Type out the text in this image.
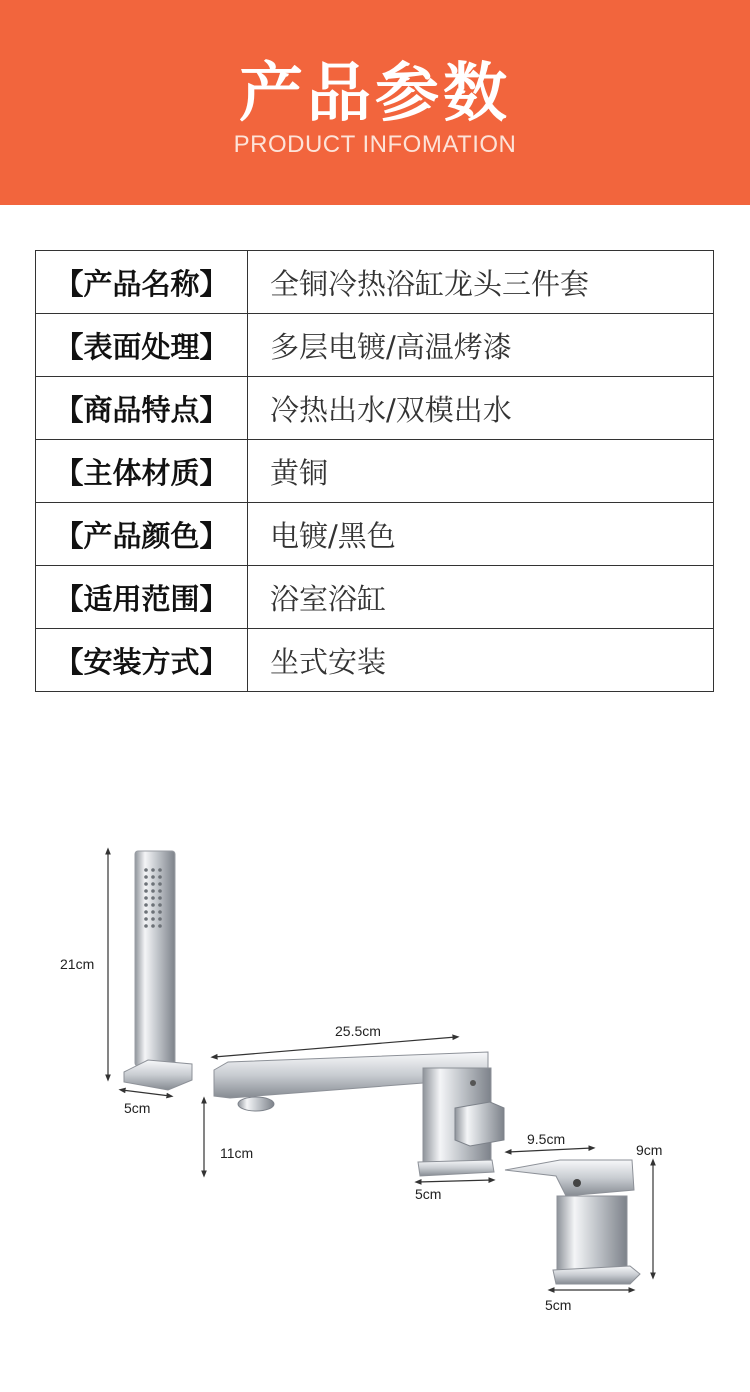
产品参数
PRODUCT INFOMATION
【产品名称】	全铜冷热浴缸龙头三件套
【表面处理】	多层电镀/高温烤漆
【商品特点】	冷热出水/双模出水
【主体材质】	黄铜
【产品颜色】	电镀/黑色
【适用范围】	浴室浴缸
【安装方式】	坐式安装
21cm
5cm
25.5cm
11cm
5cm
9.5cm
9cm
5cm
